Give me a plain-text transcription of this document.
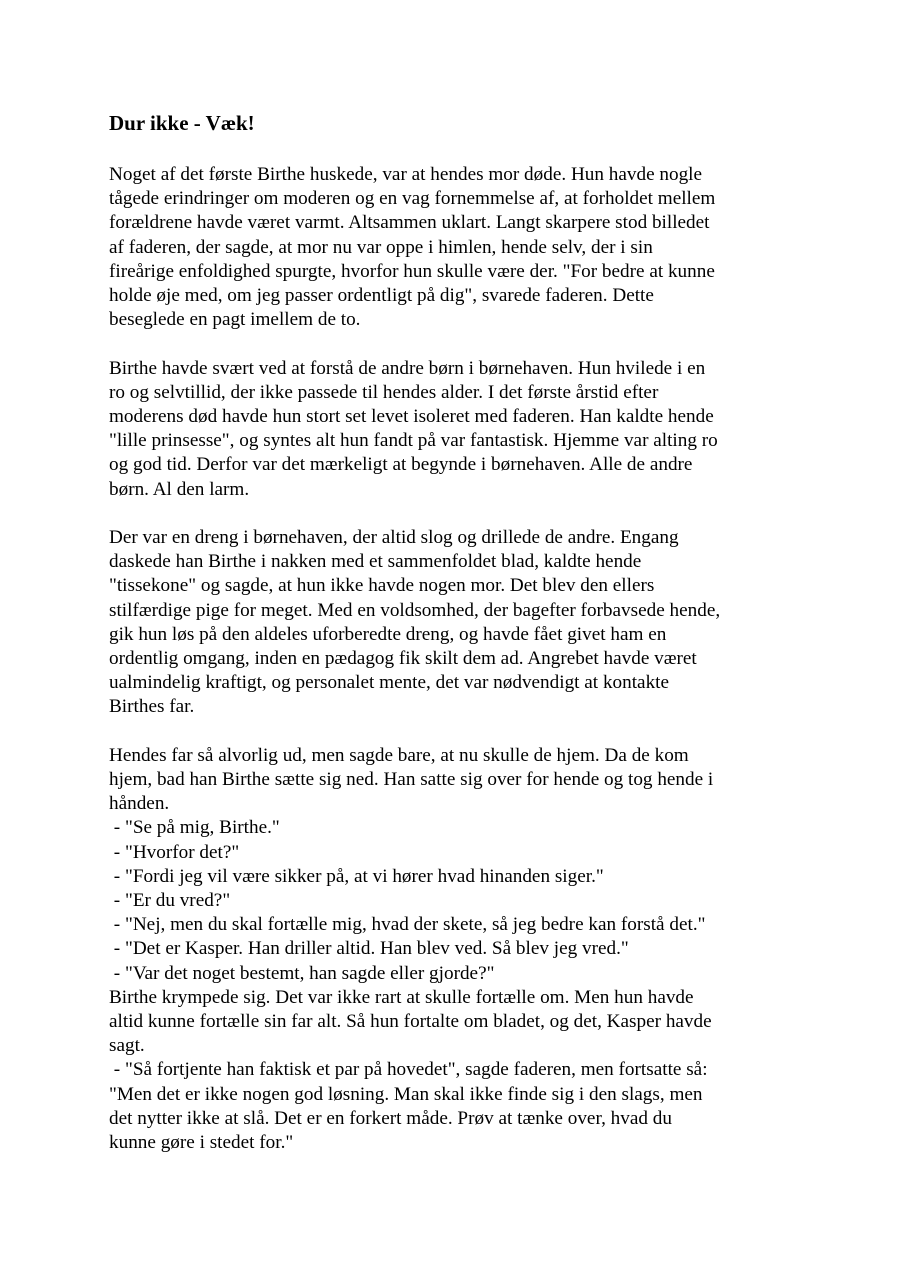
Dur ikke - Væk!
Noget af det første Birthe huskede, var at hendes mor døde. Hun havde nogle
tågede erindringer om moderen og en vag fornemmelse af, at forholdet mellem
forældrene havde været varmt. Altsammen uklart. Langt skarpere stod billedet
af faderen, der sagde, at mor nu var oppe i himlen, hende selv, der i sin
fireårige enfoldighed spurgte, hvorfor hun skulle være der. "For bedre at kunne
holde øje med, om jeg passer ordentligt på dig", svarede faderen. Dette
beseglede en pagt imellem de to.
Birthe havde svært ved at forstå de andre børn i børnehaven. Hun hvilede i en
ro og selvtillid, der ikke passede til hendes alder. I det første årstid efter
moderens død havde hun stort set levet isoleret med faderen. Han kaldte hende
"lille prinsesse", og syntes alt hun fandt på var fantastisk. Hjemme var alting ro
og god tid. Derfor var det mærkeligt at begynde i børnehaven. Alle de andre
børn. Al den larm.
Der var en dreng i børnehaven, der altid slog og drillede de andre. Engang
daskede han Birthe i nakken med et sammenfoldet blad, kaldte hende
"tissekone" og sagde, at hun ikke havde nogen mor. Det blev den ellers
stilfærdige pige for meget. Med en voldsomhed, der bagefter forbavsede hende,
gik hun løs på den aldeles uforberedte dreng, og havde fået givet ham en
ordentlig omgang, inden en pædagog fik skilt dem ad. Angrebet havde været
ualmindelig kraftigt, og personalet mente, det var nødvendigt at kontakte
Birthes far.
Hendes far så alvorlig ud, men sagde bare, at nu skulle de hjem. Da de kom
hjem, bad han Birthe sætte sig ned. Han satte sig over for hende og tog hende i
hånden.
- "Se på mig, Birthe."
- "Hvorfor det?"
- "Fordi jeg vil være sikker på, at vi hører hvad hinanden siger."
- "Er du vred?"
- "Nej, men du skal fortælle mig, hvad der skete, så jeg bedre kan forstå det."
- "Det er Kasper. Han driller altid. Han blev ved. Så blev jeg vred."
- "Var det noget bestemt, han sagde eller gjorde?"
Birthe krympede sig. Det var ikke rart at skulle fortælle om. Men hun havde
altid kunne fortælle sin far alt. Så hun fortalte om bladet, og det, Kasper havde
sagt.
- "Så fortjente han faktisk et par på hovedet", sagde faderen, men fortsatte så:
"Men det er ikke nogen god løsning. Man skal ikke finde sig i den slags, men
det nytter ikke at slå. Det er en forkert måde. Prøv at tænke over, hvad du
kunne gøre i stedet for."
